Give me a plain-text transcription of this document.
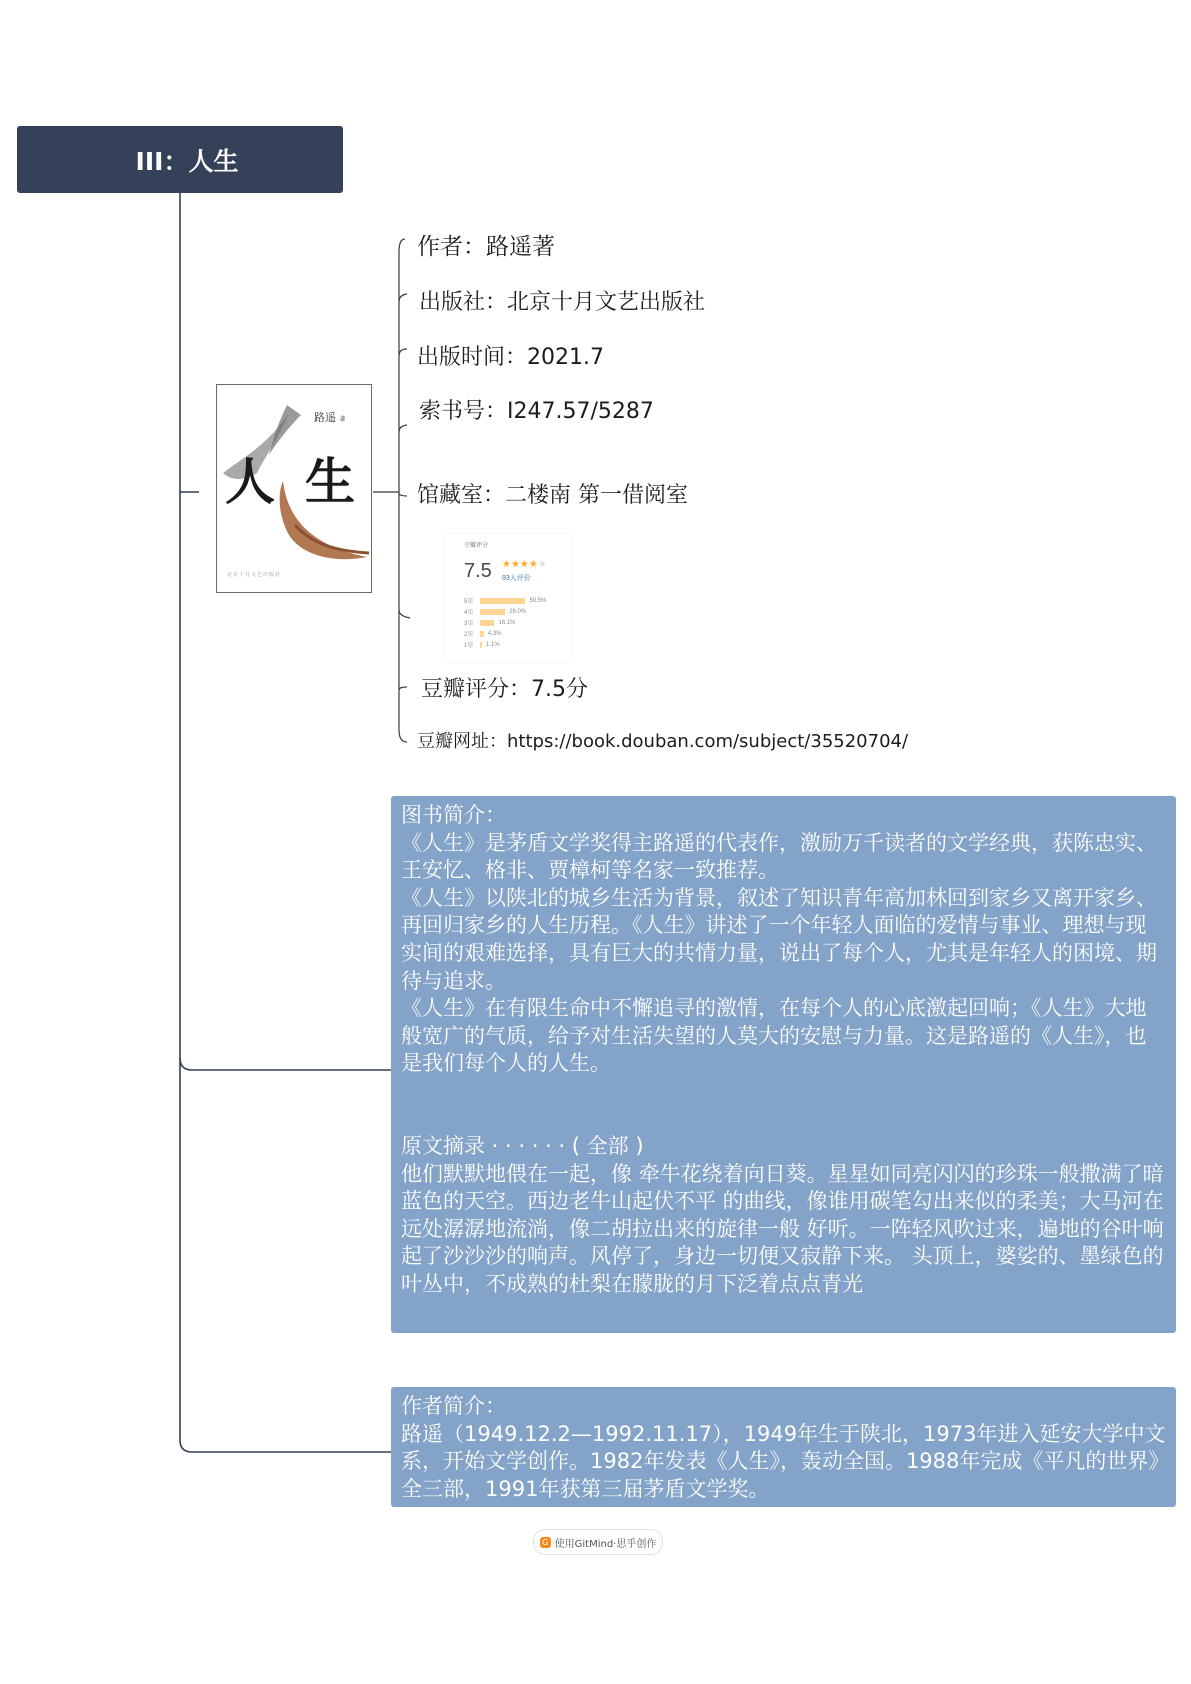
III：人生
路遥 著
人 生
北京十月文艺出版社
作者：路遥著
出版社：北京十月文艺出版社
出版时间：2021.7
索书号：I247.57/5287
馆藏室：二楼南 第一借阅室
豆瓣评分
7.5 ★★★★★
93人评价
5星	50.5%
4星	28.0%
3星	16.1%
2星	4.3%
1星	1.1%
豆瓣评分：7.5分
豆瓣网址：https://book.douban.com/subject/35520704/

图书简介：

《人生》是茅盾文学奖得主路遥的代表作，激励万千读者的文学经典，获陈忠实、王安忆、格非、贾樟柯等名家一致推荐。

《人生》以陕北的城乡生活为背景，叙述了知识青年高加林回到家乡又离开家乡、再回归家乡的人生历程。《人生》讲述了一个年轻人面临的爱情与事业、理想与现实间的艰难选择，具有巨大的共情力量，说出了每个人，尤其是年轻人的困境、期待与追求。

《人生》在有限生命中不懈追寻的激情，在每个人的心底激起回响；《人生》大地般宽广的气质，给予对生活失望的人莫大的安慰与力量。这是路遥的《人生》，也是我们每个人的人生。

原文摘录 · · · · · · ( 全部 )

他们默默地偎在一起，像 牵牛花绕着向日葵。星星如同亮闪闪的珍珠一般撒满了暗蓝色的天空。西边老牛山起伏不平 的曲线，像谁用碳笔勾出来似的柔美；大马河在远处潺潺地流淌，像二胡拉出来的旋律一般 好听。一阵轻风吹过来，遍地的谷叶响起了沙沙沙的响声。风停了，身边一切便又寂静下来。 头顶上，婆娑的、墨绿色的叶丛中，不成熟的杜梨在朦胧的月下泛着点点青光

作者简介：

路遥（1949.12.2—1992.11.17），1949年生于陕北，1973年进入延安大学中文系，开始文学创作。1982年发表《人生》，轰动全国。1988年完成《平凡的世界》全三部，1991年获第三届茅盾文学奖。

G 使用GitMind·思乎创作
